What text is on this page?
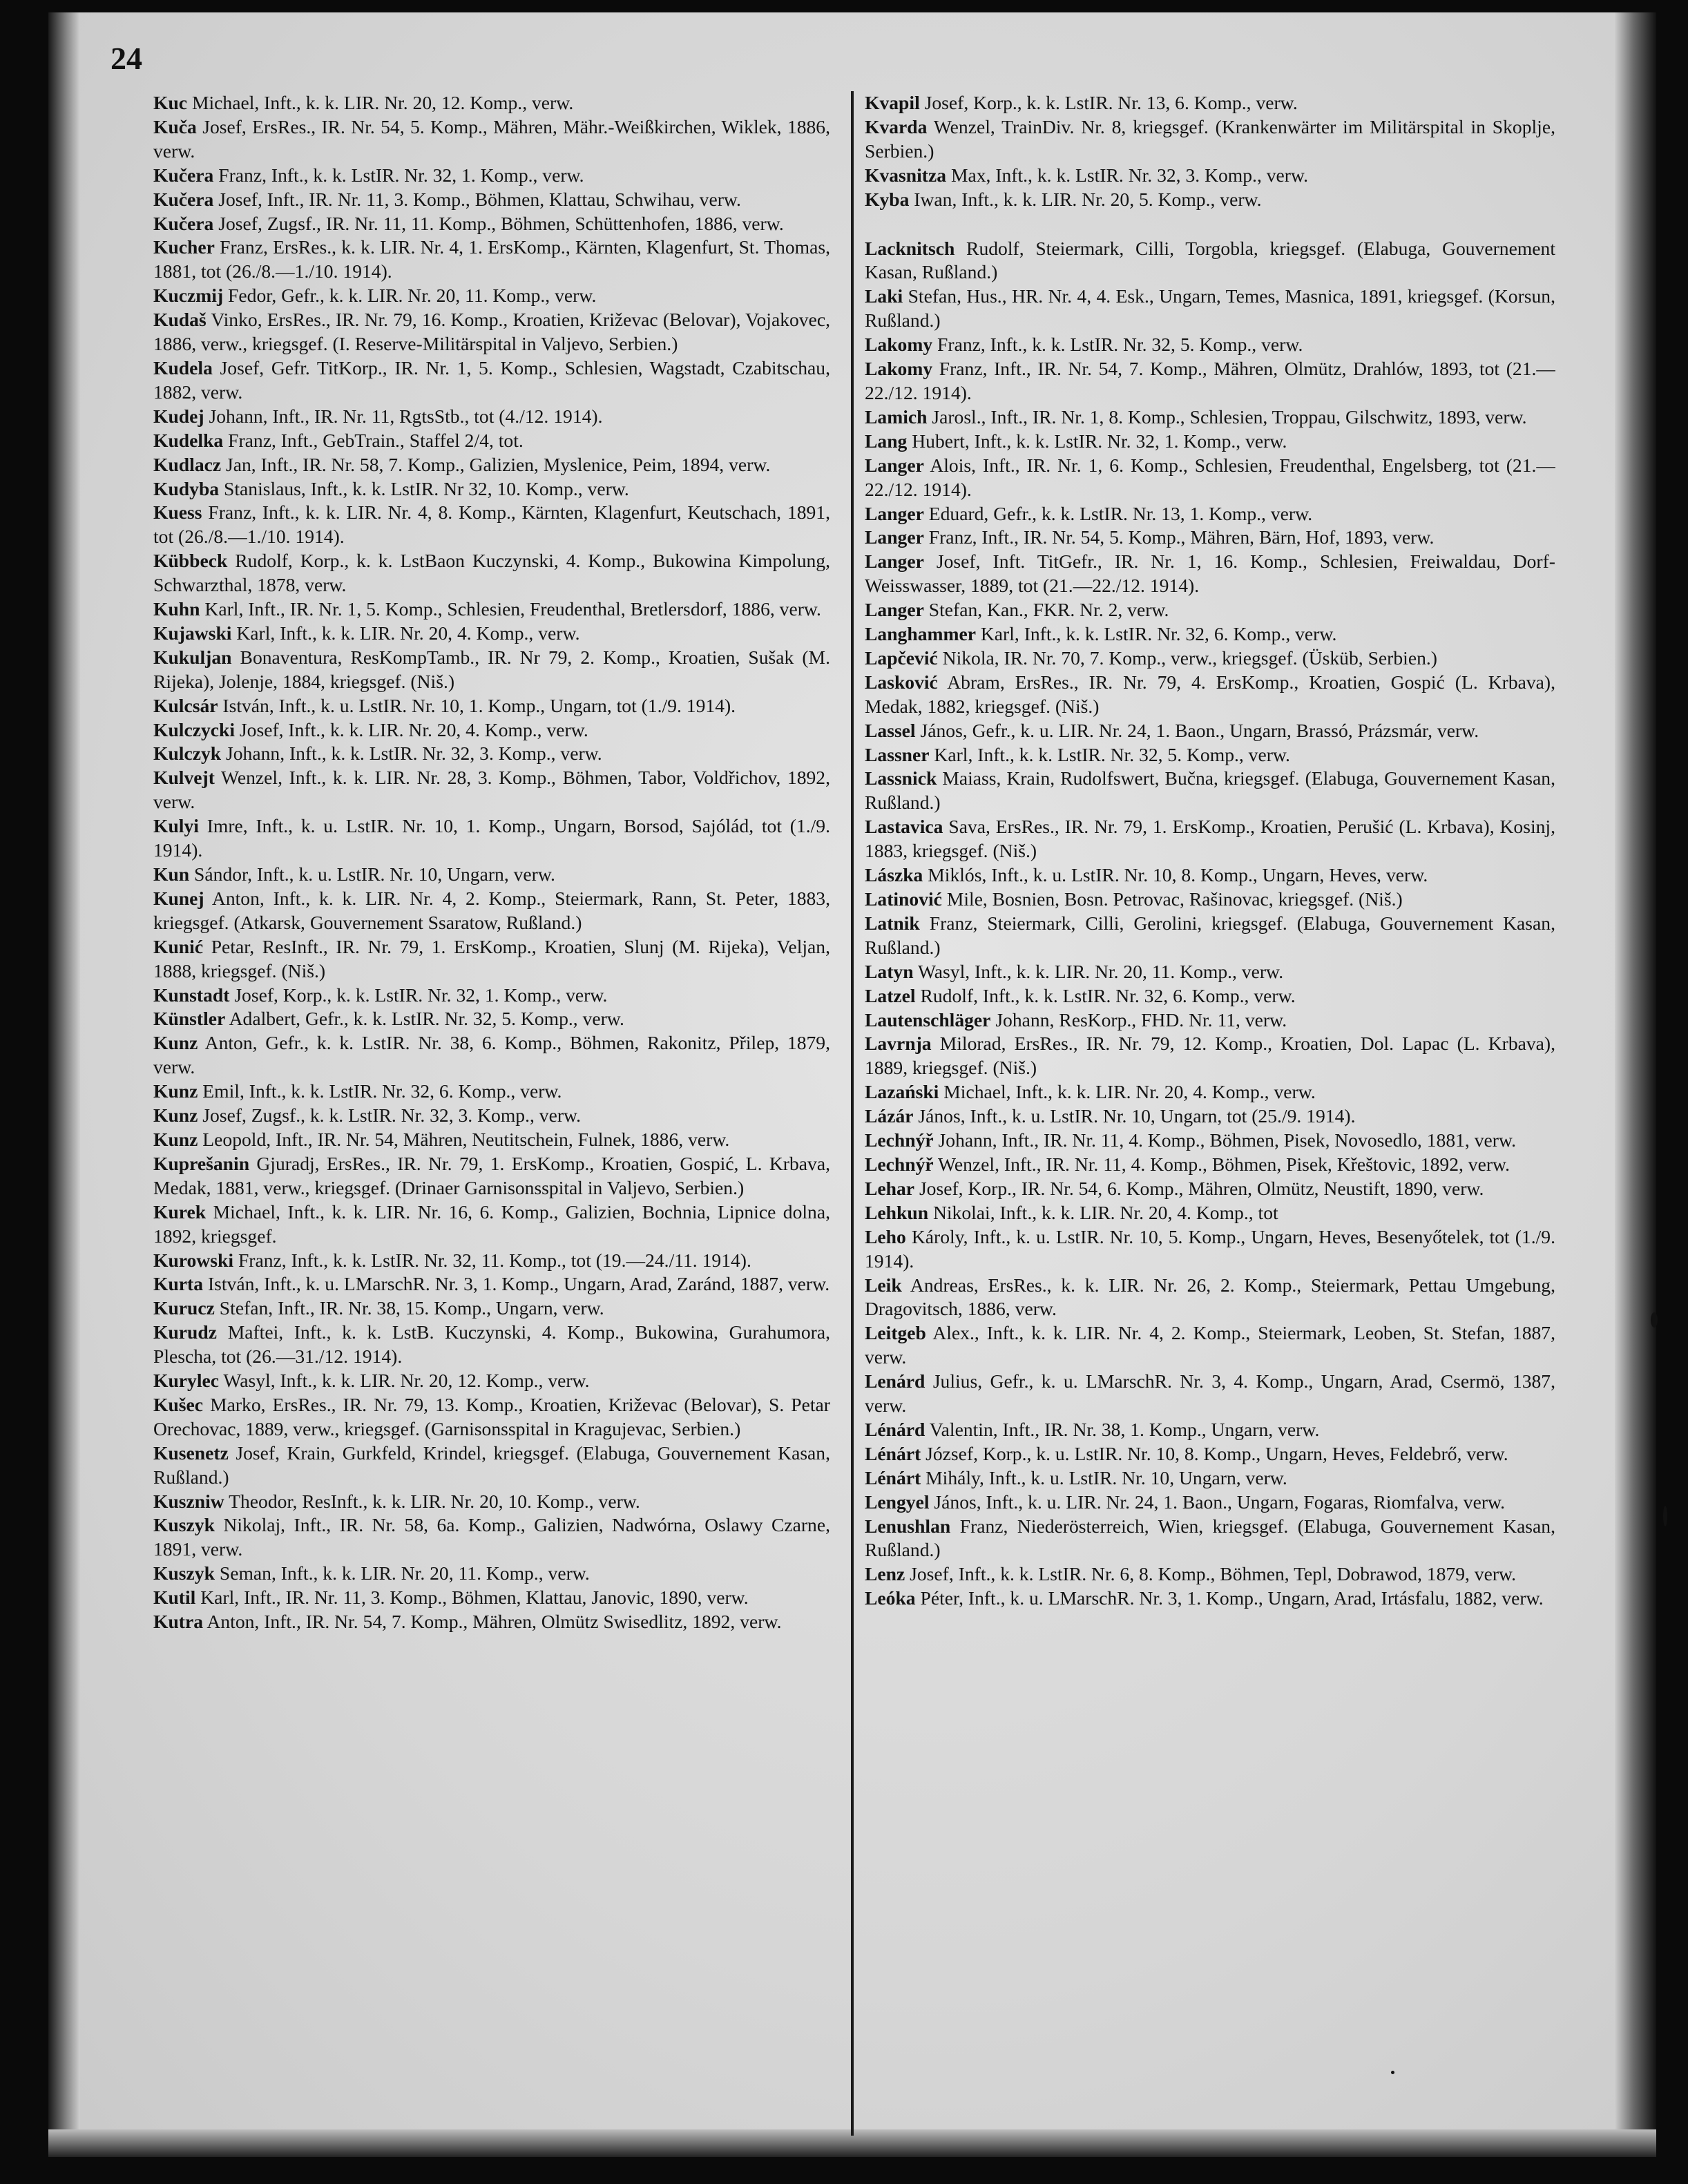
24

Kuc Michael, Inft., k. k. LIR. Nr. 20, 12. Komp., verw.

Kuča Josef, ErsRes., IR. Nr. 54, 5. Komp., Mähren, Mähr.-Weißkirchen, Wiklek, 1886, verw.

Kučera Franz, Inft., k. k. LstIR. Nr. 32, 1. Komp., verw.

Kučera Josef, Inft., IR. Nr. 11, 3. Komp., Böhmen, Klattau, Schwihau, verw.

Kučera Josef, Zugsf., IR. Nr. 11, 11. Komp., Böhmen, Schüttenhofen, 1886, verw.

Kucher Franz, ErsRes., k. k. LIR. Nr. 4, 1. ErsKomp., Kärnten, Klagenfurt, St. Thomas, 1881, tot (26./8.—1./10. 1914).

Kuczmij Fedor, Gefr., k. k. LIR. Nr. 20, 11. Komp., verw.

Kudaš Vinko, ErsRes., IR. Nr. 79, 16. Komp., Kroatien, Križevac (Belovar), Vojakovec, 1886, verw., kriegsgef. (I. Reserve-Militärspital in Valjevo, Serbien.)

Kudela Josef, Gefr. TitKorp., IR. Nr. 1, 5. Komp., Schlesien, Wagstadt, Czabitschau, 1882, verw.

Kudej Johann, Inft., IR. Nr. 11, RgtsStb., tot (4./12. 1914).

Kudelka Franz, Inft., GebTrain., Staffel 2/4, tot.

Kudlacz Jan, Inft., IR. Nr. 58, 7. Komp., Galizien, Myslenice, Peim, 1894, verw.

Kudyba Stanislaus, Inft., k. k. LstIR. Nr 32, 10. Komp., verw.

Kuess Franz, Inft., k. k. LIR. Nr. 4, 8. Komp., Kärnten, Klagenfurt, Keutschach, 1891, tot (26./8.—1./10. 1914).

Kübbeck Rudolf, Korp., k. k. LstBaon Kuczynski, 4. Komp., Bukowina Kimpolung, Schwarzthal, 1878, verw.

Kuhn Karl, Inft., IR. Nr. 1, 5. Komp., Schlesien, Freudenthal, Bretlersdorf, 1886, verw.

Kujawski Karl, Inft., k. k. LIR. Nr. 20, 4. Komp., verw.

Kukuljan Bonaventura, ResKompTamb., IR. Nr 79, 2. Komp., Kroatien, Sušak (M. Rijeka), Jolenje, 1884, kriegsgef. (Niš.)

Kulcsár István, Inft., k. u. LstIR. Nr. 10, 1. Komp., Ungarn, tot (1./9. 1914).

Kulczycki Josef, Inft., k. k. LIR. Nr. 20, 4. Komp., verw.

Kulczyk Johann, Inft., k. k. LstIR. Nr. 32, 3. Komp., verw.

Kulvejt Wenzel, Inft., k. k. LIR. Nr. 28, 3. Komp., Böhmen, Tabor, Voldřichov, 1892, verw.

Kulyi Imre, Inft., k. u. LstIR. Nr. 10, 1. Komp., Ungarn, Borsod, Sajólád, tot (1./9. 1914).

Kun Sándor, Inft., k. u. LstIR. Nr. 10, Ungarn, verw.

Kunej Anton, Inft., k. k. LIR. Nr. 4, 2. Komp., Steiermark, Rann, St. Peter, 1883, kriegsgef. (Atkarsk, Gouvernement Ssaratow, Rußland.)

Kunić Petar, ResInft., IR. Nr. 79, 1. ErsKomp., Kroatien, Slunj (M. Rijeka), Veljan, 1888, kriegsgef. (Niš.)

Kunstadt Josef, Korp., k. k. LstIR. Nr. 32, 1. Komp., verw.

Künstler Adalbert, Gefr., k. k. LstIR. Nr. 32, 5. Komp., verw.

Kunz Anton, Gefr., k. k. LstIR. Nr. 38, 6. Komp., Böhmen, Rakonitz, Přilep, 1879, verw.

Kunz Emil, Inft., k. k. LstIR. Nr. 32, 6. Komp., verw.

Kunz Josef, Zugsf., k. k. LstIR. Nr. 32, 3. Komp., verw.

Kunz Leopold, Inft., IR. Nr. 54, Mähren, Neutitschein, Fulnek, 1886, verw.

Kuprešanin Gjuradj, ErsRes., IR. Nr. 79, 1. ErsKomp., Kroatien, Gospić, L. Krbava, Medak, 1881, verw., kriegsgef. (Drinaer Garnisonsspital in Valjevo, Serbien.)

Kurek Michael, Inft., k. k. LIR. Nr. 16, 6. Komp., Galizien, Bochnia, Lipnice dolna, 1892, kriegsgef.

Kurowski Franz, Inft., k. k. LstIR. Nr. 32, 11. Komp., tot (19.—24./11. 1914).

Kurta István, Inft., k. u. LMarschR. Nr. 3, 1. Komp., Ungarn, Arad, Zaránd, 1887, verw.

Kurucz Stefan, Inft., IR. Nr. 38, 15. Komp., Ungarn, verw.

Kurudz Maftei, Inft., k. k. LstB. Kuczynski, 4. Komp., Bukowina, Gurahumora, Plescha, tot (26.—31./12. 1914).

Kurylec Wasyl, Inft., k. k. LIR. Nr. 20, 12. Komp., verw.

Kušec Marko, ErsRes., IR. Nr. 79, 13. Komp., Kroatien, Križevac (Belovar), S. Petar Orechovac, 1889, verw., kriegsgef. (Garnisonsspital in Kragujevac, Serbien.)

Kusenetz Josef, Krain, Gurkfeld, Krindel, kriegsgef. (Elabuga, Gouvernement Kasan, Rußland.)

Kuszniw Theodor, ResInft., k. k. LIR. Nr. 20, 10. Komp., verw.

Kuszyk Nikolaj, Inft., IR. Nr. 58, 6a. Komp., Galizien, Nadwórna, Oslawy Czarne, 1891, verw.

Kuszyk Seman, Inft., k. k. LIR. Nr. 20, 11. Komp., verw.

Kutil Karl, Inft., IR. Nr. 11, 3. Komp., Böhmen, Klattau, Janovic, 1890, verw.

Kutra Anton, Inft., IR. Nr. 54, 7. Komp., Mähren, Olmütz Swisedlitz, 1892, verw.

Kvapil Josef, Korp., k. k. LstIR. Nr. 13, 6. Komp., verw.

Kvarda Wenzel, TrainDiv. Nr. 8, kriegsgef. (Krankenwärter im Militärspital in Skoplje, Serbien.)

Kvasnitza Max, Inft., k. k. LstIR. Nr. 32, 3. Komp., verw.

Kyba Iwan, Inft., k. k. LIR. Nr. 20, 5. Komp., verw.

Lacknitsch Rudolf, Steiermark, Cilli, Torgobla, kriegsgef. (Elabuga, Gouvernement Kasan, Rußland.)

Laki Stefan, Hus., HR. Nr. 4, 4. Esk., Ungarn, Temes, Masnica, 1891, kriegsgef. (Korsun, Rußland.)

Lakomy Franz, Inft., k. k. LstIR. Nr. 32, 5. Komp., verw.

Lakomy Franz, Inft., IR. Nr. 54, 7. Komp., Mähren, Olmütz, Drahlów, 1893, tot (21.—22./12. 1914).

Lamich Jarosl., Inft., IR. Nr. 1, 8. Komp., Schlesien, Troppau, Gilschwitz, 1893, verw.

Lang Hubert, Inft., k. k. LstIR. Nr. 32, 1. Komp., verw.

Langer Alois, Inft., IR. Nr. 1, 6. Komp., Schlesien, Freudenthal, Engelsberg, tot (21.—22./12. 1914).

Langer Eduard, Gefr., k. k. LstIR. Nr. 13, 1. Komp., verw.

Langer Franz, Inft., IR. Nr. 54, 5. Komp., Mähren, Bärn, Hof, 1893, verw.

Langer Josef, Inft. TitGefr., IR. Nr. 1, 16. Komp., Schlesien, Freiwaldau, Dorf-Weisswasser, 1889, tot (21.—22./12. 1914).

Langer Stefan, Kan., FKR. Nr. 2, verw.

Langhammer Karl, Inft., k. k. LstIR. Nr. 32, 6. Komp., verw.

Lapčević Nikola, IR. Nr. 70, 7. Komp., verw., kriegsgef. (Üsküb, Serbien.)

Lasković Abram, ErsRes., IR. Nr. 79, 4. ErsKomp., Kroatien, Gospić (L. Krbava), Medak, 1882, kriegsgef. (Niš.)

Lassel János, Gefr., k. u. LIR. Nr. 24, 1. Baon., Ungarn, Brassó, Prázsmár, verw.

Lassner Karl, Inft., k. k. LstIR. Nr. 32, 5. Komp., verw.

Lassnick Maiass, Krain, Rudolfswert, Bučna, kriegsgef. (Elabuga, Gouvernement Kasan, Rußland.)

Lastavica Sava, ErsRes., IR. Nr. 79, 1. ErsKomp., Kroatien, Perušić (L. Krbava), Kosinj, 1883, kriegsgef. (Niš.)

Lászka Miklós, Inft., k. u. LstIR. Nr. 10, 8. Komp., Ungarn, Heves, verw.

Latinović Mile, Bosnien, Bosn. Petrovac, Rašinovac, kriegsgef. (Niš.)

Latnik Franz, Steiermark, Cilli, Gerolini, kriegsgef. (Elabuga, Gouvernement Kasan, Rußland.)

Latyn Wasyl, Inft., k. k. LIR. Nr. 20, 11. Komp., verw.

Latzel Rudolf, Inft., k. k. LstIR. Nr. 32, 6. Komp., verw.

Lautenschläger Johann, ResKorp., FHD. Nr. 11, verw.

Lavrnja Milorad, ErsRes., IR. Nr. 79, 12. Komp., Kroatien, Dol. Lapac (L. Krbava), 1889, kriegsgef. (Niš.)

Lazański Michael, Inft., k. k. LIR. Nr. 20, 4. Komp., verw.

Lázár János, Inft., k. u. LstIR. Nr. 10, Ungarn, tot (25./9. 1914).

Lechnýř Johann, Inft., IR. Nr. 11, 4. Komp., Böhmen, Pisek, Novosedlo, 1881, verw.

Lechnýř Wenzel, Inft., IR. Nr. 11, 4. Komp., Böhmen, Pisek, Křeštovic, 1892, verw.

Lehar Josef, Korp., IR. Nr. 54, 6. Komp., Mähren, Olmütz, Neustift, 1890, verw.

Lehkun Nikolai, Inft., k. k. LIR. Nr. 20, 4. Komp., tot

Leho Károly, Inft., k. u. LstIR. Nr. 10, 5. Komp., Ungarn, Heves, Besenyőtelek, tot (1./9. 1914).

Leik Andreas, ErsRes., k. k. LIR. Nr. 26, 2. Komp., Steiermark, Pettau Umgebung, Dragovitsch, 1886, verw.

Leitgeb Alex., Inft., k. k. LIR. Nr. 4, 2. Komp., Steiermark, Leoben, St. Stefan, 1887, verw.

Lenárd Julius, Gefr., k. u. LMarschR. Nr. 3, 4. Komp., Ungarn, Arad, Csermö, 1387, verw.

Lénárd Valentin, Inft., IR. Nr. 38, 1. Komp., Ungarn, verw.

Lénárt József, Korp., k. u. LstIR. Nr. 10, 8. Komp., Ungarn, Heves, Feldebrő, verw.

Lénárt Mihály, Inft., k. u. LstIR. Nr. 10, Ungarn, verw.

Lengyel János, Inft., k. u. LIR. Nr. 24, 1. Baon., Ungarn, Fogaras, Riomfalva, verw.

Lenushlan Franz, Niederösterreich, Wien, kriegsgef. (Elabuga, Gouvernement Kasan, Rußland.)

Lenz Josef, Inft., k. k. LstIR. Nr. 6, 8. Komp., Böhmen, Tepl, Dobrawod, 1879, verw.

Leóka Péter, Inft., k. u. LMarschR. Nr. 3, 1. Komp., Ungarn, Arad, Irtásfalu, 1882, verw.
